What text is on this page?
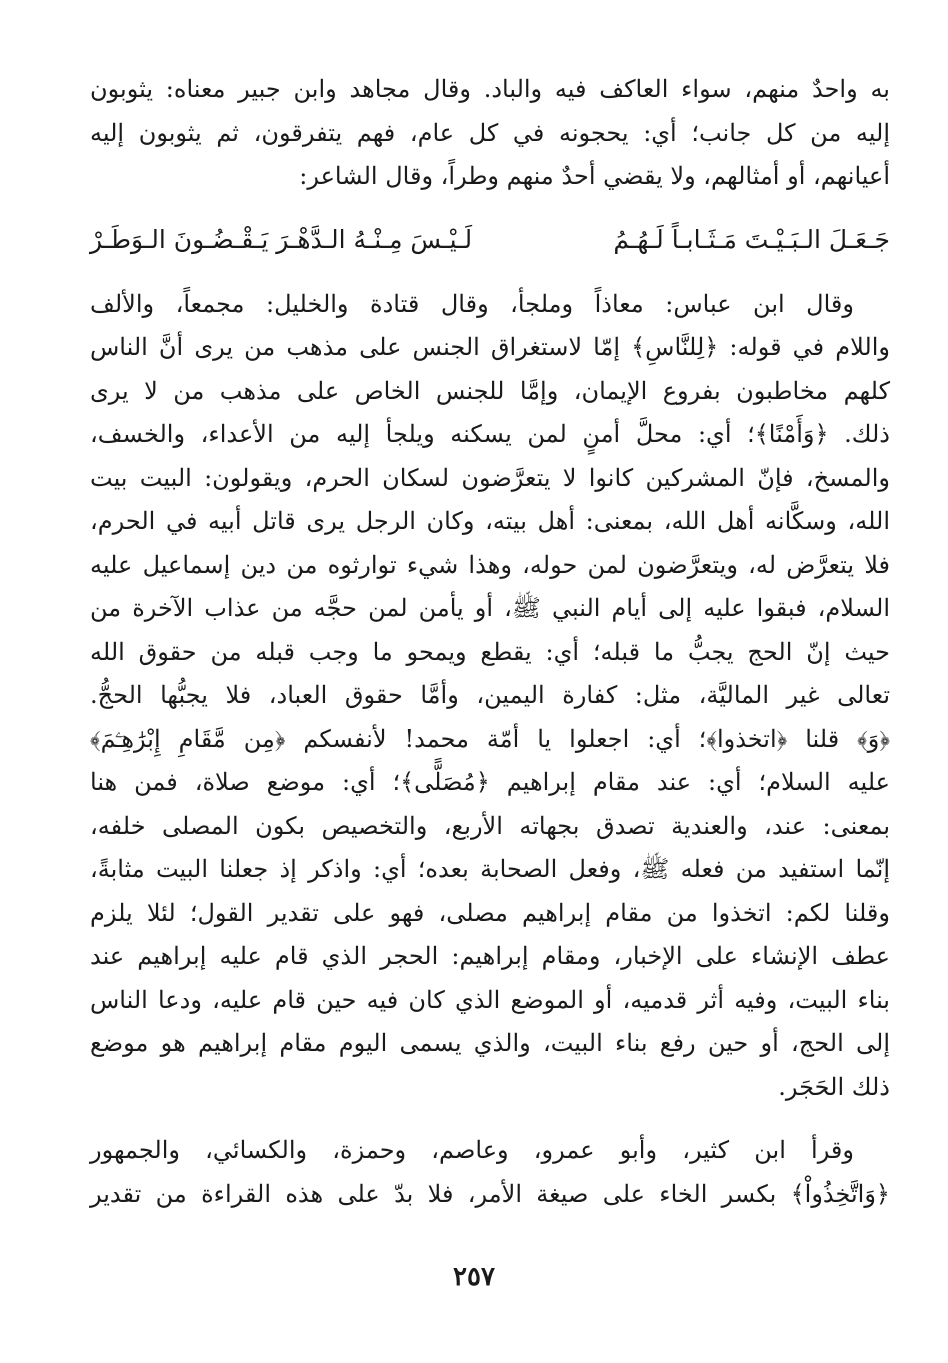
به واحدٌ منهم، سواء العاكف فيه والباد. وقال مجاهد وابن جبير معناه: يثوبون
إليه من كل جانب؛ أي: يحجونه في كل عام، فهم يتفرقون، ثم يثوبون إليه
أعيانهم، أو أمثالهم، ولا يقضي أحدٌ منهم وطراً، وقال الشاعر:

جَـعَـلَ الـبَـيْـتَ مَـثَـابـاً لَـهُـمُ
لَـيْـسَ مِـنْـهُ الـدَّهْـرَ يَـقْـضُـونَ الـوَطَـرْ

وقال ابن عباس: معاذاً وملجأ، وقال قتادة والخليل: مجمعاً، والألف
واللام في قوله: ﴿لِلنَّاسِ﴾ إمّا لاستغراق الجنس على مذهب من يرى أنَّ الناس
كلهم مخاطبون بفروع الإيمان، وإمَّا للجنس الخاص على مذهب من لا يرى
ذلك. ﴿وَأَمْنًا﴾؛ أي: محلَّ أمنٍ لمن يسكنه ويلجأ إليه من الأعداء، والخسف،
والمسخ، فإنّ المشركين كانوا لا يتعرَّضون لسكان الحرم، ويقولون: البيت بيت
الله، وسكَّانه أهل الله، بمعنى: أهل بيته، وكان الرجل يرى قاتل أبيه في الحرم،
فلا يتعرَّض له، ويتعرَّضون لمن حوله، وهذا شيء توارثوه من دين إسماعيل عليه
السلام، فبقوا عليه إلى أيام النبي ﷺ، أو يأمن لمن حجَّه من عذاب الآخرة من
حيث إنّ الحج يجبُّ ما قبله؛ أي: يقطع ويمحو ما وجب قبله من حقوق الله
تعالى غير الماليَّة، مثل: كفارة اليمين، وأمَّا حقوق العباد، فلا يجبُّها الحجُّ.
﴿وَ﴾ قلنا ﴿اتخذوا﴾؛ أي: اجعلوا يا أمّة محمد! لأنفسكم ﴿مِن مَّقَامِ إِبْرَٰهِـۧمَ﴾
عليه السلام؛ أي: عند مقام إبراهيم ﴿مُصَلًّى﴾؛ أي: موضع صلاة، فمن هنا
بمعنى: عند، والعندية تصدق بجهاته الأربع، والتخصيص بكون المصلى خلفه،
إنّما استفيد من فعله ﷺ، وفعل الصحابة بعده؛ أي: واذكر إذ جعلنا البيت مثابةً،
وقلنا لكم: اتخذوا من مقام إبراهيم مصلى، فهو على تقدير القول؛ لئلا يلزم
عطف الإنشاء على الإخبار، ومقام إبراهيم: الحجر الذي قام عليه إبراهيم عند
بناء البيت، وفيه أثر قدميه، أو الموضع الذي كان فيه حين قام عليه، ودعا الناس
إلى الحج، أو حين رفع بناء البيت، والذي يسمى اليوم مقام إبراهيم هو موضع
ذلك الحَجَر.

وقرأ ابن كثير، وأبو عمرو، وعاصم، وحمزة، والكسائي، والجمهور
﴿وَاتَّخِذُواْ﴾ بكسر الخاء على صيغة الأمر، فلا بدّ على هذه القراءة من تقدير

٢٥٧
